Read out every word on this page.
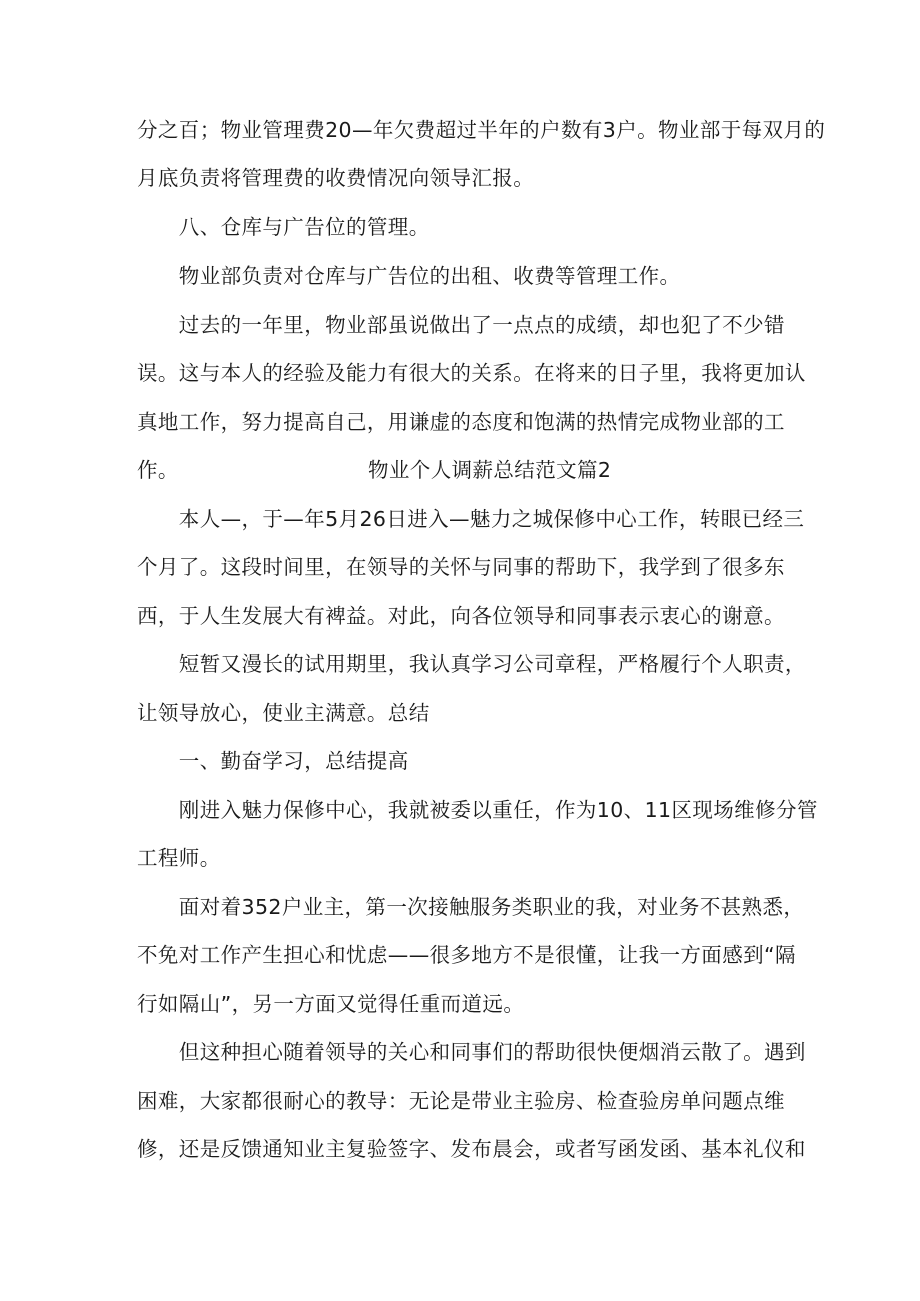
分之百；物业管理费20—年欠费超过半年的户数有3户。物业部于每双月的
月底负责将管理费的收费情况向领导汇报。
　　八、仓库与广告位的管理。
　　物业部负责对仓库与广告位的出租、收费等管理工作。
　　过去的一年里，物业部虽说做出了一点点的成绩，却也犯了不少错
误。这与本人的经验及能力有很大的关系。在将来的日子里，我将更加认
真地工作，努力提高自己，用谦虚的态度和饱满的热情完成物业部的工
作。	物业个人调薪总结范文篇2
　　本人—，于—年5月26日进入—魅力之城保修中心工作，转眼已经三
个月了。这段时间里，在领导的关怀与同事的帮助下，我学到了很多东
西，于人生发展大有裨益。对此，向各位领导和同事表示衷心的谢意。
　　短暂又漫长的试用期里，我认真学习公司章程，严格履行个人职责，
让领导放心，使业主满意。总结
　　一、勤奋学习，总结提高
　　刚进入魅力保修中心，我就被委以重任，作为10、11区现场维修分管
工程师。
　　面对着352户业主，第一次接触服务类职业的我，对业务不甚熟悉，
不免对工作产生担心和忧虑——很多地方不是很懂，让我一方面感到“隔
行如隔山”，另一方面又觉得任重而道远。
　　但这种担心随着领导的关心和同事们的帮助很快便烟消云散了。遇到
困难，大家都很耐心的教导：无论是带业主验房、检查验房单问题点维
修，还是反馈通知业主复验签字、发布晨会，或者写函发函、基本礼仪和
